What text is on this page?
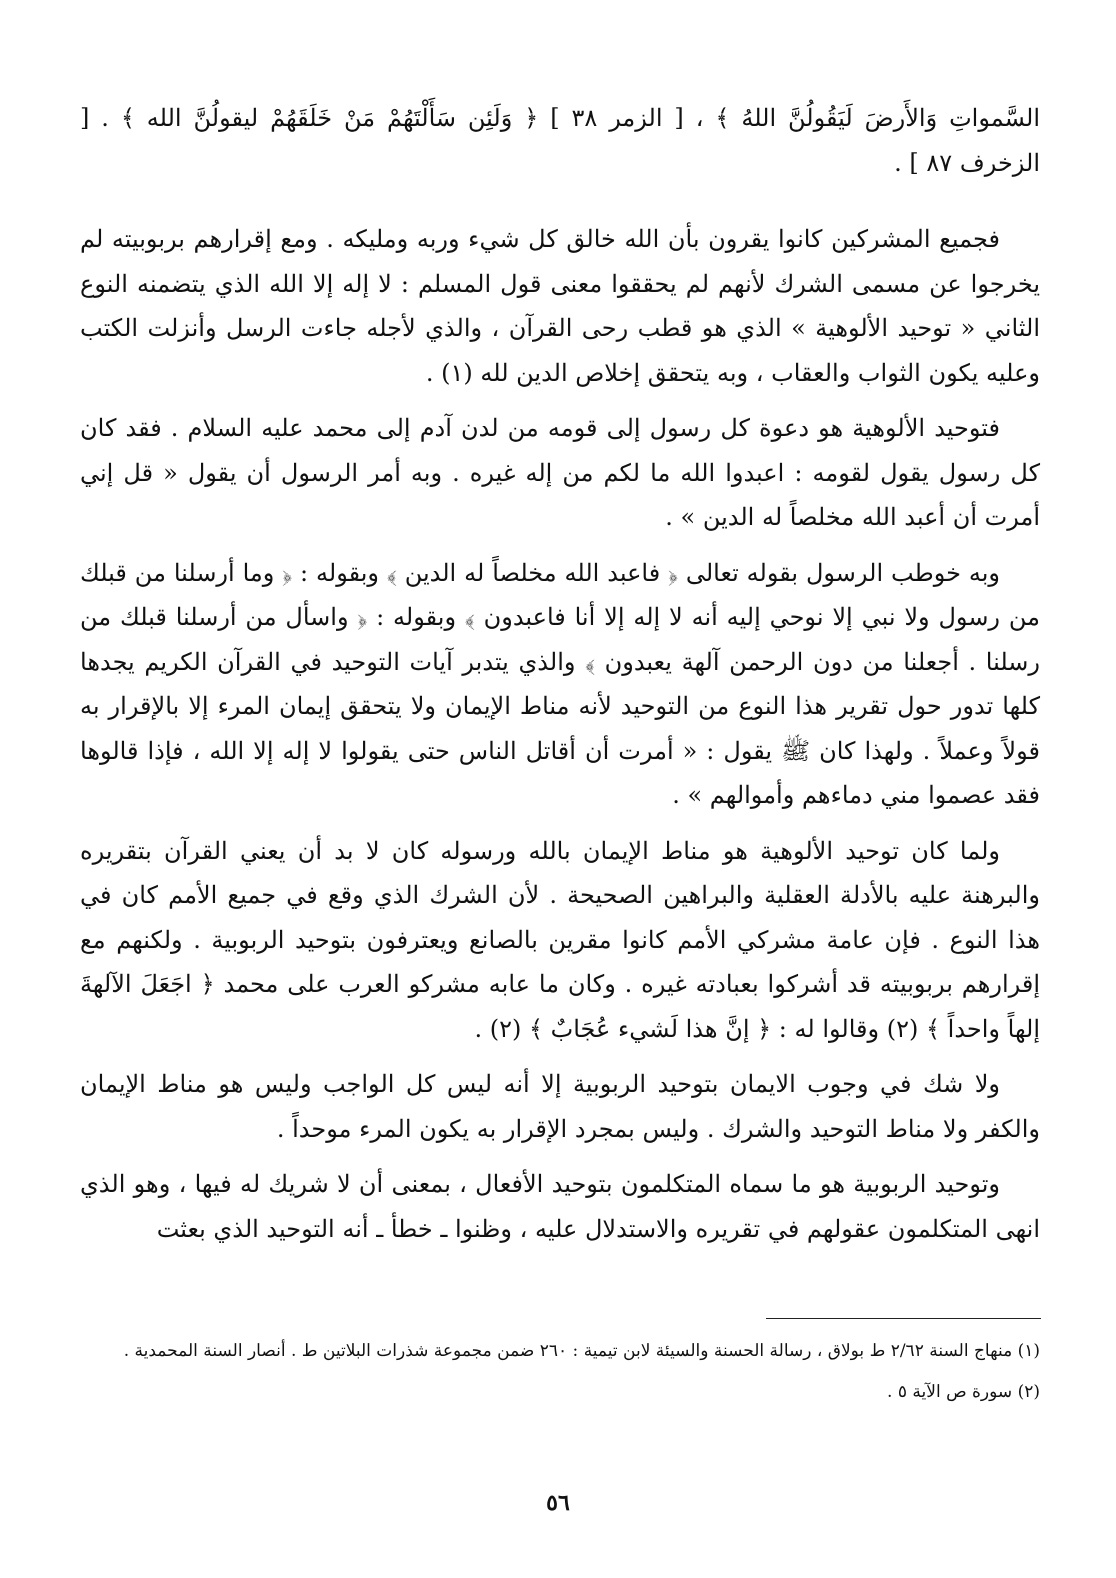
السَّمواتِ وَالأَرضَ لَيَقُولُنَّ اللهُ ﴾ ، [ الزمر ٣٨ ] ﴿ وَلَئِن سَأَلْتَهُمْ مَنْ خَلَقَهُمْ ليقولُنَّ الله ﴾ . [ الزخرف ٨٧ ] .

فجميع المشركين كانوا يقرون بأن الله خالق كل شيء وربه ومليكه . ومع إقرارهم بربوبيته لم يخرجوا عن مسمى الشرك لأنهم لم يحققوا معنى قول المسلم : لا إله إلا الله الذي يتضمنه النوع الثاني « توحيد الألوهية » الذي هو قطب رحى القرآن ، والذي لأجله جاءت الرسل وأنزلت الكتب وعليه يكون الثواب والعقاب ، وبه يتحقق إخلاص الدين لله (١) .

فتوحيد الألوهية هو دعوة كل رسول إلى قومه من لدن آدم إلى محمد عليه السلام . فقد كان كل رسول يقول لقومه : اعبدوا الله ما لكم من إله غيره . وبه أمر الرسول أن يقول « قل إني أمرت أن أعبد الله مخلصاً له الدين » .

وبه خوطب الرسول بقوله تعالى ﴿ فاعبد الله مخلصاً له الدين ﴾ وبقوله : ﴿ وما أرسلنا من قبلك من رسول ولا نبي إلا نوحي إليه أنه لا إله إلا أنا فاعبدون ﴾ وبقوله : ﴿ واسأل من أرسلنا قبلك من رسلنا . أجعلنا من دون الرحمن آلهة يعبدون ﴾ والذي يتدبر آيات التوحيد في القرآن الكريم يجدها كلها تدور حول تقرير هذا النوع من التوحيد لأنه مناط الإيمان ولا يتحقق إيمان المرء إلا بالإقرار به قولاً وعملاً . ولهذا كان ﷺ يقول : « أمرت أن أقاتل الناس حتى يقولوا لا إله إلا الله ، فإذا قالوها فقد عصموا مني دماءهم وأموالهم » .

ولما كان توحيد الألوهية هو مناط الإيمان بالله ورسوله كان لا بد أن يعني القرآن بتقريره والبرهنة عليه بالأدلة العقلية والبراهين الصحيحة . لأن الشرك الذي وقع في جميع الأمم كان في هذا النوع . فإن عامة مشركي الأمم كانوا مقرين بالصانع ويعترفون بتوحيد الربوبية . ولكنهم مع إقرارهم بربوبيته قد أشركوا بعبادته غيره . وكان ما عابه مشركو العرب على محمد ﴿ اجَعَلَ الآلهةَ إلهاً واحداً ﴾ (٢) وقالوا له : ﴿ إنَّ هذا لَشيء عُجَابٌ ﴾ (٢) .

ولا شك في وجوب الايمان بتوحيد الربوبية إلا أنه ليس كل الواجب وليس هو مناط الإيمان والكفر ولا مناط التوحيد والشرك . وليس بمجرد الإقرار به يكون المرء موحداً .

وتوحيد الربوبية هو ما سماه المتكلمون بتوحيد الأفعال ، بمعنى أن لا شريك له فيها ، وهو الذي انهى المتكلمون عقولهم في تقريره والاستدلال عليه ، وظنوا ـ خطأ ـ أنه التوحيد الذي بعثت

(١) منهاج السنة ٢/٦٢ ط بولاق ، رسالة الحسنة والسيئة لابن تيمية : ٢٦٠ ضمن مجموعة شذرات البلاتين ط . أنصار السنة المحمدية .

(٢) سورة ص الآية ٥ .

٥٦
